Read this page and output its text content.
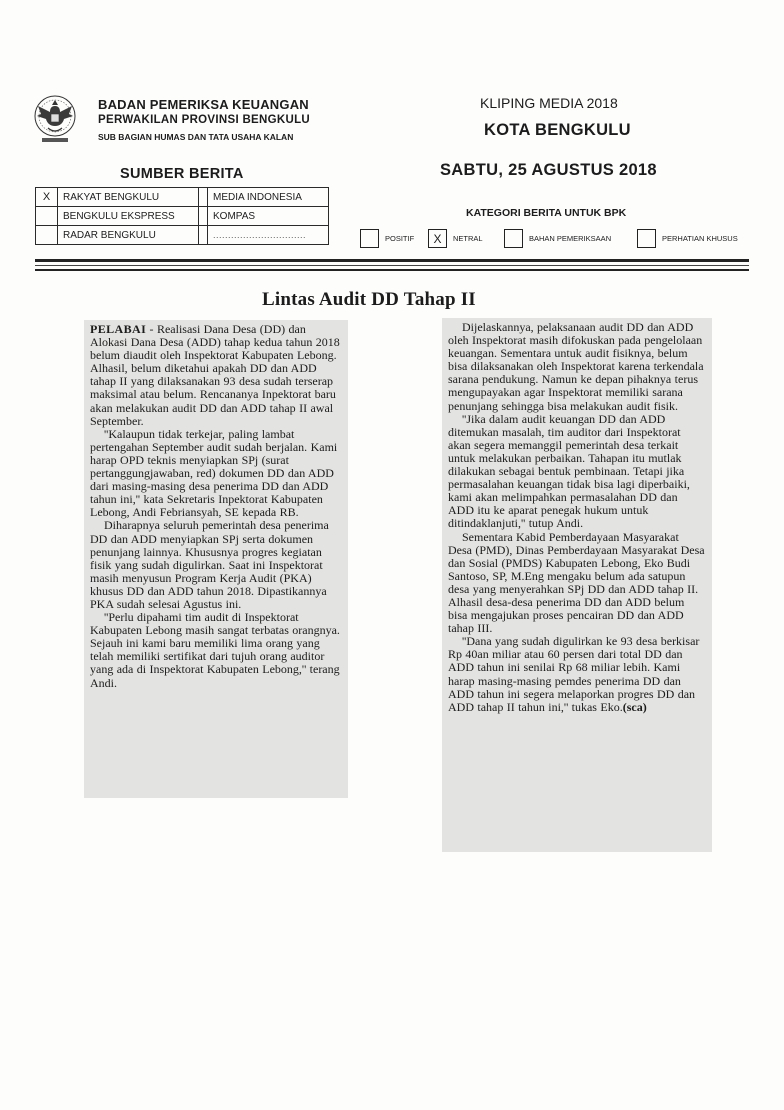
BADAN PEMERIKSA KEUANGAN
PERWAKILAN PROVINSI BENGKULU
SUB BAGIAN HUMAS DAN TATA USAHA KALAN
KLIPING MEDIA 2018
KOTA BENGKULU
SABTU, 25 AGUSTUS 2018
SUMBER BERITA
X	RAKYAT BENGKULU		MEDIA INDONESIA
	BENGKULU EKSPRESS		KOMPAS
	RADAR BENGKULU		...............................
KATEGORI BERITA UNTUK BPK
POSITIF	X	NETRAL	BAHAN PEMERIKSAAN	PERHATIAN KHUSUS
Lintas Audit DD Tahap II

PELABAI - Realisasi Dana Desa (DD) dan Alokasi Dana Desa (ADD) tahap kedua tahun 2018 belum diaudit oleh Inspektorat Kabupaten Lebong. Alhasil, belum diketahui apakah DD dan ADD tahap II yang dilaksanakan 93 desa sudah terserap maksimal atau belum. Rencananya Inpektorat baru akan melakukan audit DD dan ADD tahap II awal September.

''Kalaupun tidak terkejar, paling lambat pertengahan September audit sudah berjalan. Kami harap OPD teknis menyiapkan SPj (surat pertanggungjawaban, red) dokumen DD dan ADD dari masing-masing desa penerima DD dan ADD tahun ini,'' kata Sekretaris Inpektorat Kabupaten Lebong, Andi Febriansyah, SE kepada RB.

Diharapnya seluruh pemerintah desa penerima DD dan ADD menyiapkan SPj serta dokumen penunjang lainnya. Khususnya progres kegiatan fisik yang sudah digulirkan. Saat ini Inspektorat masih menyusun Program Kerja Audit (PKA) khusus DD dan ADD tahun 2018. Dipastikannya PKA sudah selesai Agustus ini.

''Perlu dipahami tim audit di Inspektorat Kabupaten Lebong masih sangat terbatas orangnya. Sejauh ini kami baru memiliki lima orang yang telah memiliki sertifikat dari tujuh orang auditor yang ada di Inspektorat Kabupaten Lebong,'' terang Andi.

Dijelaskannya, pelaksanaan audit DD dan ADD oleh Inspektorat masih difokuskan pada pengelolaan keuangan. Sementara untuk audit fisiknya, belum bisa dilaksanakan oleh Inspektorat karena terkendala sarana pendukung. Namun ke depan pihaknya terus mengupayakan agar Inspektorat memiliki sarana penunjang sehingga bisa melakukan audit fisik.

''Jika dalam audit keuangan DD dan ADD ditemukan masalah, tim auditor dari Inspektorat akan segera memanggil pemerintah desa terkait untuk melakukan perbaikan. Tahapan itu mutlak dilakukan sebagai bentuk pembinaan. Tetapi jika permasalahan keuangan tidak bisa lagi diperbaiki, kami akan melimpahkan permasalahan DD dan ADD itu ke aparat penegak hukum untuk ditindaklanjuti,'' tutup Andi.

Sementara Kabid Pemberdayaan Masyarakat Desa (PMD), Dinas Pemberdayaan Masyarakat Desa dan Sosial (PMDS) Kabupaten Lebong, Eko Budi Santoso, SP, M.Eng mengaku belum ada satupun desa yang menyerahkan SPj DD dan ADD tahap II. Alhasil desa-desa penerima DD dan ADD belum bisa mengajukan proses pencairan DD dan ADD tahap III.

''Dana yang sudah digulirkan ke 93 desa berkisar Rp 40an miliar atau 60 persen dari total DD dan ADD tahun ini senilai Rp 68 miliar lebih. Kami harap masing-masing pemdes penerima DD dan ADD tahun ini segera melaporkan progres DD dan ADD tahap II tahun ini,'' tukas Eko.(sca)
